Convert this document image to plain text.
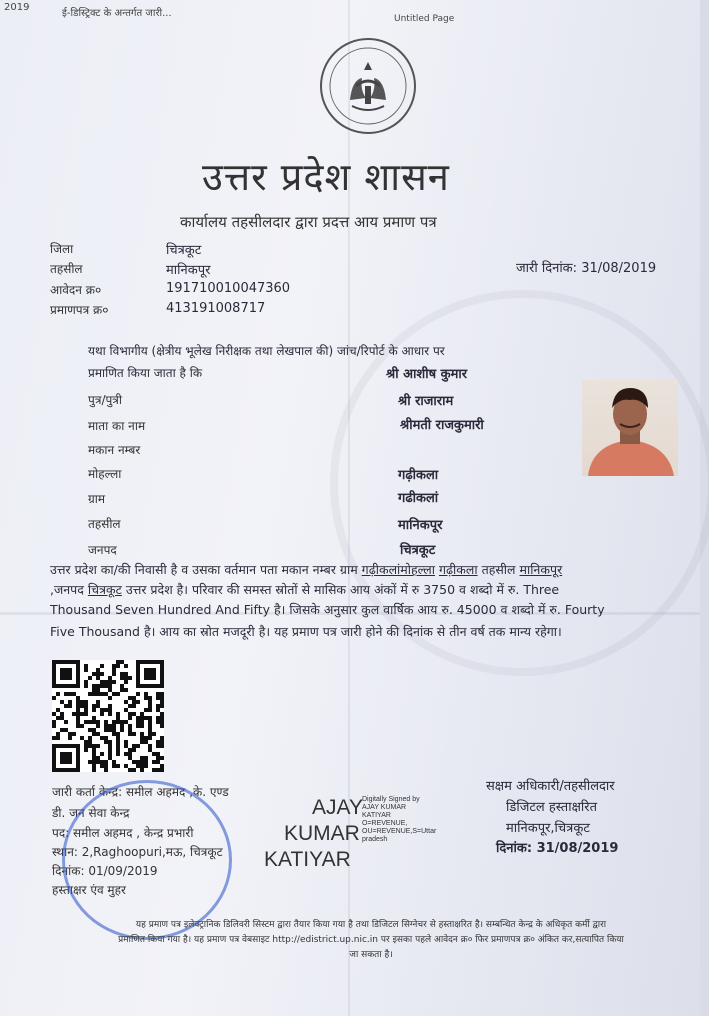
2019
ई-डिस्ट्रिक्ट के अन्तर्गत जारी...	Untitled Page
उत्तर प्रदेश शासन
कार्यालय तहसीलदार द्वारा प्रदत्त आय प्रमाण पत्र
जिला	चित्रकूट
तहसील	मानिकपूर
आवेदन क्र०	191710010047360
प्रमाणपत्र क्र०	413191008717
जारी दिनांक: 31/08/2019
यथा विभागीय (क्षेत्रीय भूलेख निरीक्षक तथा लेखपाल की) जांच/रिपोर्ट के आधार पर
प्रमाणित किया जाता है कि	श्री आशीष कुमार
पुत्र/पुत्री	श्री राजाराम
माता का नाम	श्रीमती राजकुमारी
मकान नम्बर
मोहल्ला	गढ़ीकला
ग्राम	गढीकलां
तहसील	मानिकपूर
जनपद	चित्रकूट
उत्तर प्रदेश का/की निवासी है व उसका वर्तमान पता मकान नम्बर ग्राम गढ़ीकलांमोहल्ला गढ़ीकला तहसील मानिकपूर
,जनपद चित्रकूट उत्तर प्रदेश है। परिवार की समस्त स्रोतों से मासिक आय अंकों में रु 3750 व शब्दो में रु. Three
Thousand Seven Hundred And Fifty है। जिसके अनुसार कुल वार्षिक आय रु. 45000 व शब्दो में रु. Fourty
Five Thousand है। आय का स्रोत मजदूरी है। यह प्रमाण पत्र जारी होने की दिनांक से तीन वर्ष तक मान्य रहेगा।
जारी कर्ता केन्द्र: समील अहमद ,के. एण्ड
डी. जन सेवा केन्द्र
पद: समील अहमद , केन्द्र प्रभारी
स्थान: 2,Raghoopuri,मऊ, चित्रकूट
दिनांक: 01/09/2019
हस्ताक्षर एंव मुहर
AJAY
KUMAR
KATIYAR
Digitally Signed by
AJAY KUMAR
KATIYAR
O=REVENUE,
OU=REVENUE,S=Uttar
pradesh
सक्षम अधिकारी/तहसीलदार
डिजिटल हस्ताक्षरित
मानिकपूर,चित्रकूट
दिनांक: 31/08/2019
यह प्रमाण पत्र इलेक्ट्रानिक डिलिवरी सिस्टम द्वारा तैयार किया गया है तथा डिजिटल सिग्नेचर से हस्ताक्षरित है। सम्बन्धित केन्द्र के अधिकृत कर्मी द्वारा
प्रमाणित किया गया है। यह प्रमाण पत्र वेबसाइट http://edistrict.up.nic.in पर इसका पहले आवेदन क्र० फिर प्रमाणपत्र क्र० अंकित कर,सत्यापित किया
जा सकता है।
